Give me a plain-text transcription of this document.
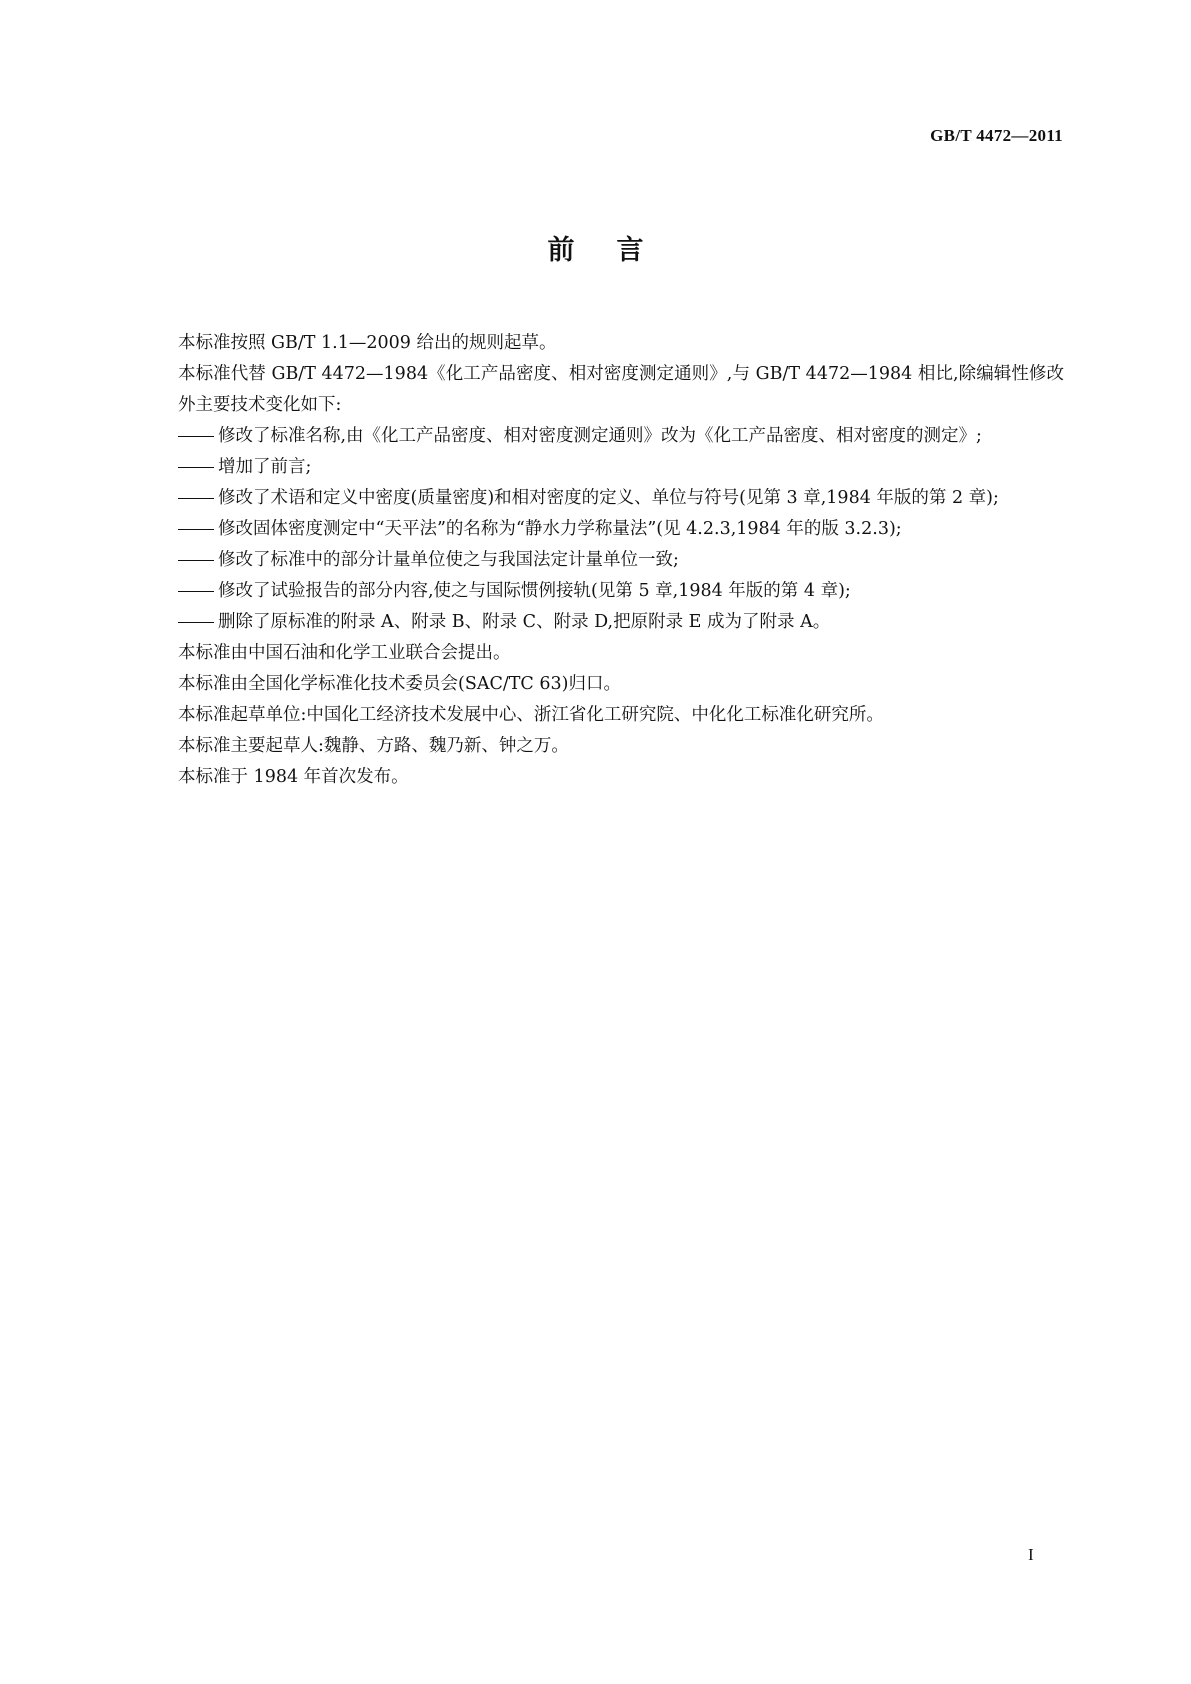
GB/T 4472—2011
前言

本标准按照 GB/T 1.1—2009 给出的规则起草。

本标准代替 GB/T 4472—1984《化工产品密度、相对密度测定通则》,与 GB/T 4472—1984 相比,除编辑性修改外主要技术变化如下:

修改了标准名称,由《化工产品密度、相对密度测定通则》改为《化工产品密度、相对密度的测定》;

增加了前言;

修改了术语和定义中密度(质量密度)和相对密度的定义、单位与符号(见第 3 章,1984 年版的第 2 章);

修改固体密度测定中“天平法”的名称为“静水力学称量法”(见 4.2.3,1984 年的版 3.2.3);

修改了标准中的部分计量单位使之与我国法定计量单位一致;

修改了试验报告的部分内容,使之与国际惯例接轨(见第 5 章,1984 年版的第 4 章);

删除了原标准的附录 A、附录 B、附录 C、附录 D,把原附录 E 成为了附录 A。

本标准由中国石油和化学工业联合会提出。

本标准由全国化学标准化技术委员会(SAC/TC 63)归口。

本标准起草单位:中国化工经济技术发展中心、浙江省化工研究院、中化化工标准化研究所。

本标准主要起草人:魏静、方路、魏乃新、钟之万。

本标准于 1984 年首次发布。

I
